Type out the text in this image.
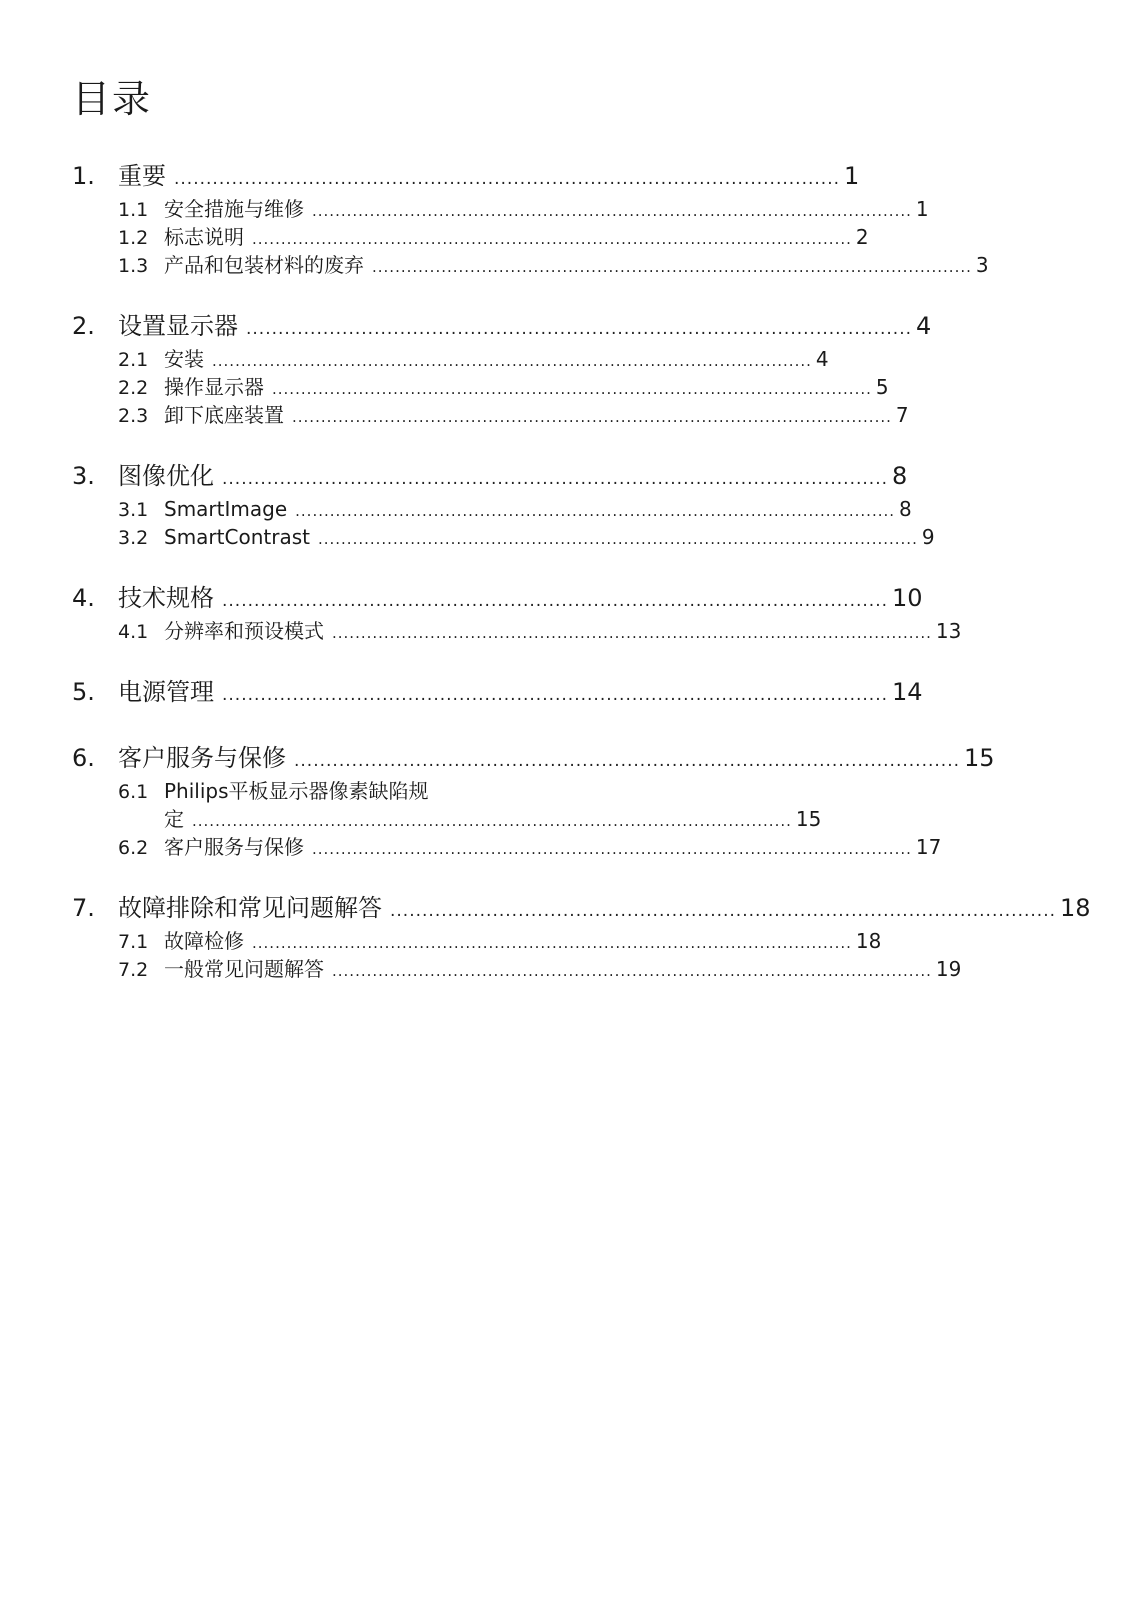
目录
1. 重要 ........................................................................................................ 1
1.1 安全措施与维修 ........................................................................................................ 1
1.2 标志说明 ........................................................................................................ 2
1.3 产品和包装材料的废弃 ........................................................................................................ 3
2. 设置显示器 ........................................................................................................ 4
2.1 安装 ........................................................................................................ 4
2.2 操作显示器 ........................................................................................................ 5
2.3 卸下底座装置 ........................................................................................................ 7
3. 图像优化 ........................................................................................................ 8
3.1 SmartImage ........................................................................................................ 8
3.2 SmartContrast ........................................................................................................ 9
4. 技术规格 ........................................................................................................ 10
4.1 分辨率和预设模式 ........................................................................................................ 13
5. 电源管理 ........................................................................................................ 14
6. 客户服务与保修 ........................................................................................................ 15
6.1 Philips平板显示器像素缺陷规
定 ........................................................................................................ 15
6.2 客户服务与保修 ........................................................................................................ 17
7. 故障排除和常见问题解答 ........................................................................................................ 18
7.1 故障检修 ........................................................................................................ 18
7.2 一般常见问题解答 ........................................................................................................ 19
